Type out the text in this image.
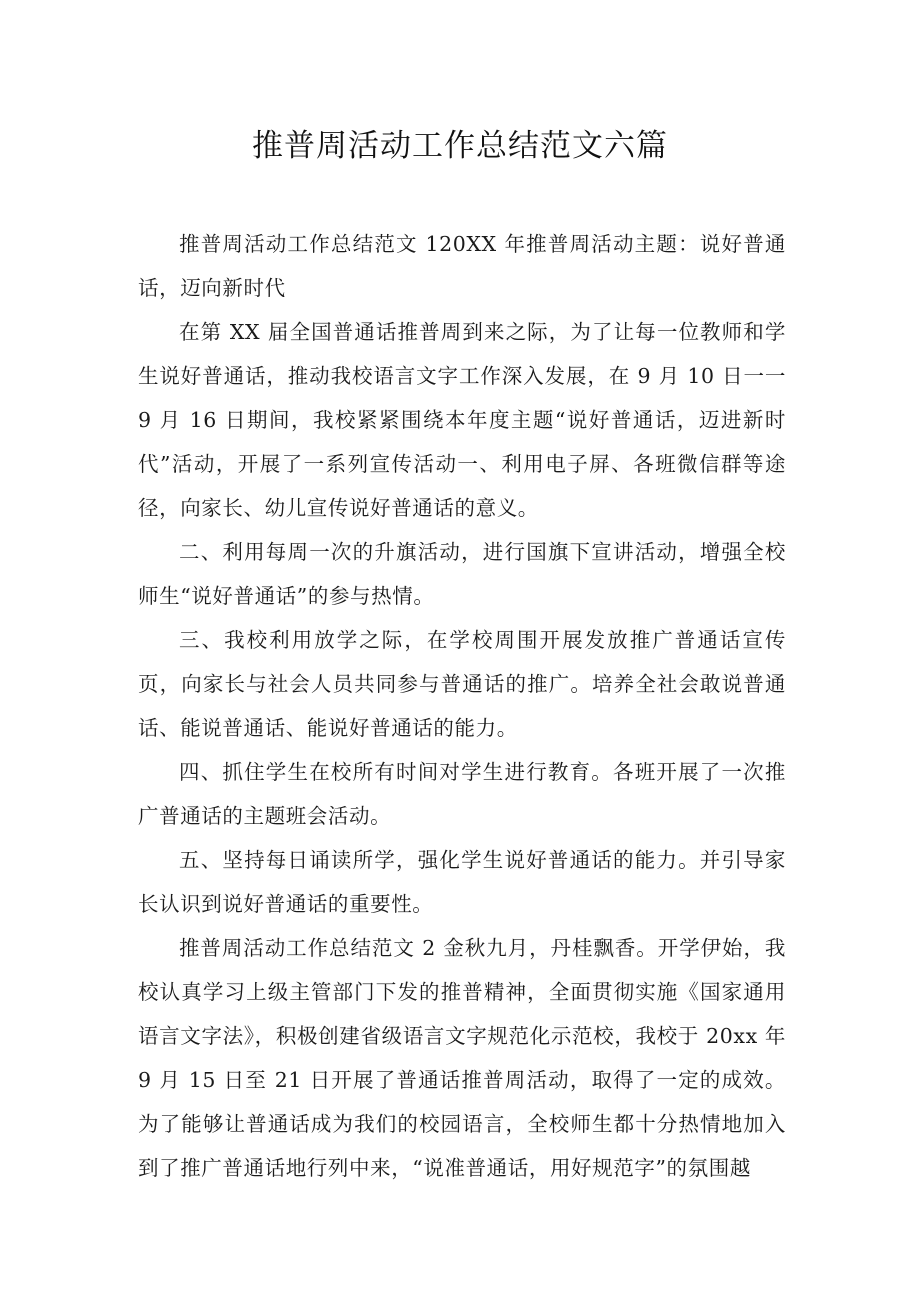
推普周活动工作总结范文六篇

推普周活动工作总结范文 120XX 年推普周活动主题：说好普通话，迈向新时代

在第 XX 届全国普通话推普周到来之际，为了让每一位教师和学生说好普通话，推动我校语言文字工作深入发展，在 9 月 10 日一一 9 月 16 日期间，我校紧紧围绕本年度主题“说好普通话，迈进新时代”活动，开展了一系列宣传活动一、利用电子屏、各班微信群等途径，向家长、幼儿宣传说好普通话的意义。

二、利用每周一次的升旗活动，进行国旗下宣讲活动，增强全校师生“说好普通话”的参与热情。

三、我校利用放学之际，在学校周围开展发放推广普通话宣传页，向家长与社会人员共同参与普通话的推广。培养全社会敢说普通话、能说普通话、能说好普通话的能力。

四、抓住学生在校所有时间对学生进行教育。各班开展了一次推广普通话的主题班会活动。

五、坚持每日诵读所学，强化学生说好普通话的能力。并引导家长认识到说好普通话的重要性。

推普周活动工作总结范文 2 金秋九月，丹桂飘香。开学伊始，我校认真学习上级主管部门下发的推普精神，全面贯彻实施《国家通用语言文字法》，积极创建省级语言文字规范化示范校，我校于 20xx 年 9 月 15 日至 21 日开展了普通话推普周活动，取得了一定的成效。为了能够让普通话成为我们的校园语言，全校师生都十分热情地加入到了推广普通话地行列中来，“说准普通话，用好规范字”的氛围越
